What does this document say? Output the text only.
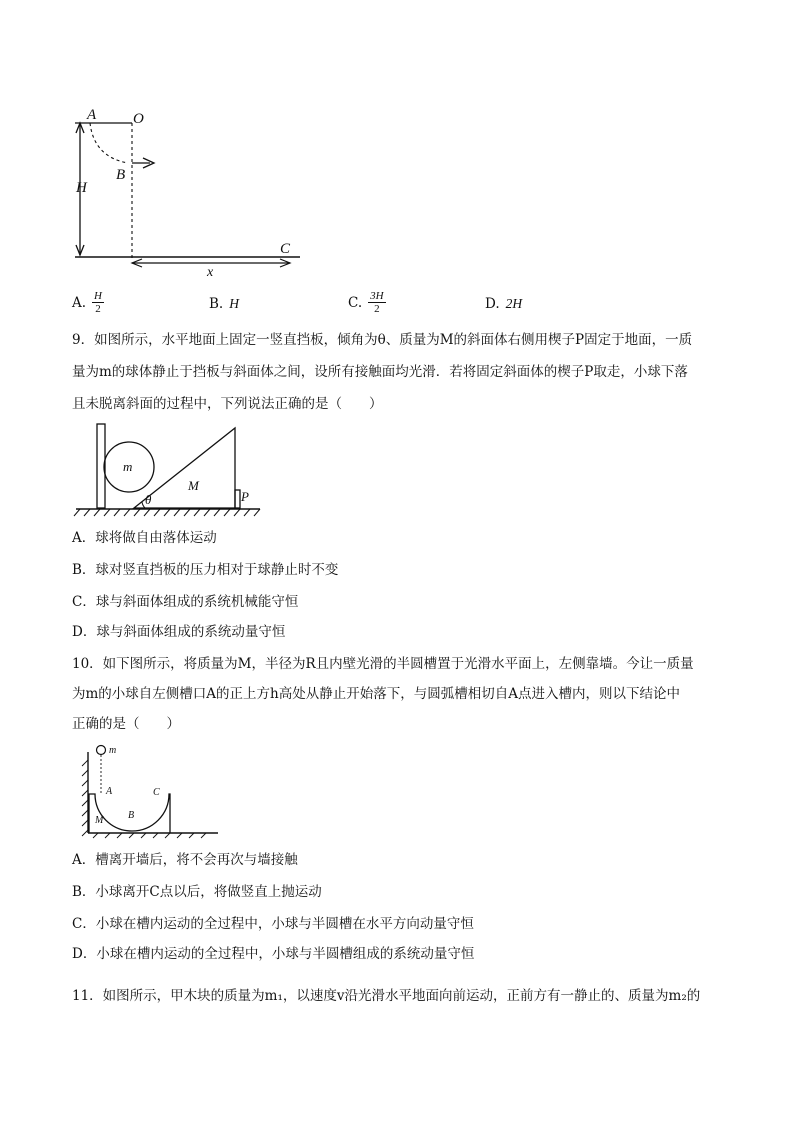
A O
B
H
C
x
A. $\frac{H}{2}$	B. H	C. $\frac{3H}{2}$	D. 2H
9．如图所示，水平地面上固定一竖直挡板，倾角为θ、质量为M的斜面体右侧用楔子P固定于地面，一质
量为m的球体静止于挡板与斜面体之间，设所有接触面均光滑．若将固定斜面体的楔子P取走，小球下落
且未脱离斜面的过程中，下列说法正确的是（　　）
m
M
θ	P
A．球将做自由落体运动
B．球对竖直挡板的压力相对于球静止时不变
C．球与斜面体组成的系统机械能守恒
D．球与斜面体组成的系统动量守恒
10．如下图所示，将质量为M，半径为R且内壁光滑的半圆槽置于光滑水平面上，左侧靠墙。今让一质量
为m的小球自左侧槽口A的正上方h高处从静止开始落下，与圆弧槽相切自A点进入槽内，则以下结论中
正确的是（　　）
m
A	C
M B
A．槽离开墙后，将不会再次与墙接触
B．小球离开C点以后，将做竖直上抛运动
C．小球在槽内运动的全过程中，小球与半圆槽在水平方向动量守恒
D．小球在槽内运动的全过程中，小球与半圆槽组成的系统动量守恒
11．如图所示，甲木块的质量为m₁，以速度v沿光滑水平地面向前运动，正前方有一静止的、质量为m₂的
